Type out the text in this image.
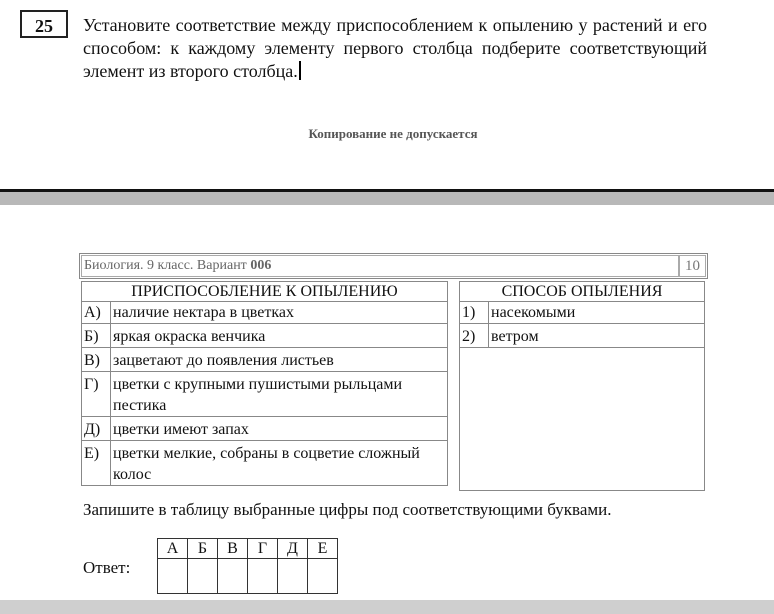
25	Установите соответствие между приспособлением к опылению у растений и его способом: к каждому элементу первого столбца подберите соответствующий элемент из второго столбца.
Копирование не допускается
Биология. 9 класс. Вариант 006	10
ПРИСПОСОБЛЕНИЕ К ОПЫЛЕНИЮ	
А)	наличие нектара в цветках
Б)	яркая окраска венчика
В)	зацветают до появления листьев
Г)	цветки с крупными пушистыми рыльцами пестика
Д)	цветки имеют запах
Е)	цветки мелкие, собраны в соцветие сложный колос
СПОСОБ ОПЫЛЕНИЯ	
1)	насекомыми
2)	ветром
Запишите в таблицу выбранные цифры под соответствующими буквами.
Ответ:
А	Б	В	Г	Д	Е
